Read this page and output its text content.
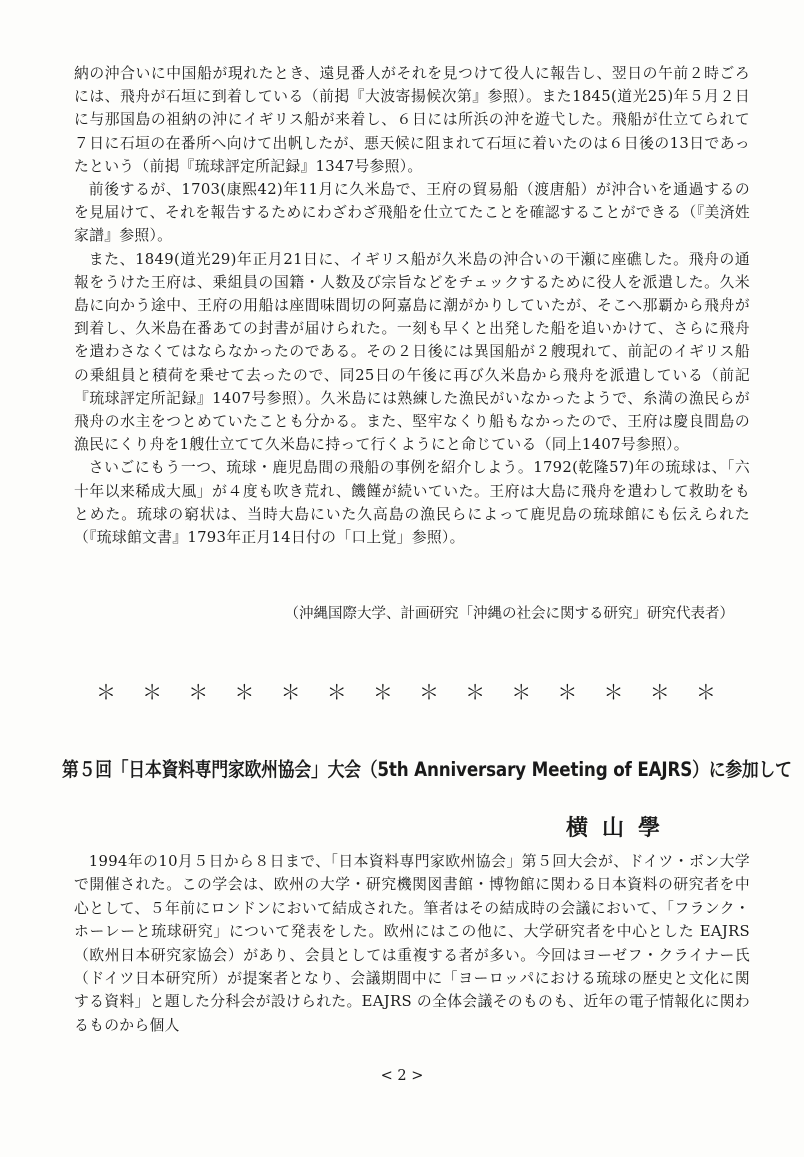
納の沖合いに中国船が現れたとき、遠見番人がそれを見つけて役人に報告し、翌日の午前２時ごろには、飛舟が石垣に到着している（前掲『大波寄揚候次第』参照）。また1845(道光25)年５月２日に与那国島の祖納の沖にイギリス船が来着し、６日には所浜の沖を遊弋した。飛船が仕立てられて７日に石垣の在番所へ向けて出帆したが、悪天候に阻まれて石垣に着いたのは６日後の13日であったという（前掲『琉球評定所記録』1347号参照）。

前後するが、1703(康熙42)年11月に久米島で、王府の貿易船（渡唐船）が沖合いを通過するのを見届けて、それを報告するためにわざわざ飛船を仕立てたことを確認することができる（『美済姓家譜』参照）。

また、1849(道光29)年正月21日に、イギリス船が久米島の沖合いの干瀬に座礁した。飛舟の通報をうけた王府は、乗組員の国籍・人数及び宗旨などをチェックするために役人を派遣した。久米島に向かう途中、王府の用船は座間味間切の阿嘉島に潮がかりしていたが、そこへ那覇から飛舟が到着し、久米島在番あての封書が届けられた。一刻も早くと出発した船を追いかけて、さらに飛舟を遣わさなくてはならなかったのである。その２日後には異国船が２艘現れて、前記のイギリス船の乗組員と積荷を乗せて去ったので、同25日の午後に再び久米島から飛舟を派遣している（前記『琉球評定所記録』1407号参照）。久米島には熟練した漁民がいなかったようで、糸満の漁民らが飛舟の水主をつとめていたことも分かる。また、堅牢なくり船もなかったので、王府は慶良間島の漁民にくり舟を1艘仕立てて久米島に持って行くようにと命じている（同上1407号参照）。

さいごにもう一つ、琉球・鹿児島間の飛船の事例を紹介しよう。1792(乾隆57)年の琉球は、「六十年以来稀成大風」が４度も吹き荒れ、饑饉が続いていた。王府は大島に飛舟を遣わして救助をもとめた。琉球の窮状は、当時大島にいた久高島の漁民らによって鹿児島の琉球館にも伝えられた（『琉球館文書』1793年正月14日付の「口上覚」参照）。

（沖縄国際大学、計画研究「沖縄の社会に関する研究」研究代表者）
＊ ＊ ＊ ＊ ＊ ＊ ＊ ＊ ＊ ＊ ＊ ＊ ＊ ＊
第５回「日本資料専門家欧州協会」大会（5th Anniversary Meeting of EAJRS）に参加して
横山學

1994年の10月５日から８日まで、「日本資料専門家欧州協会」第５回大会が、ドイツ・ボン大学で開催された。この学会は、欧州の大学・研究機関図書館・博物館に関わる日本資料の研究者を中心として、５年前にロンドンにおいて結成された。筆者はその結成時の会議において、「フランク・ホーレーと琉球研究」について発表をした。欧州にはこの他に、大学研究者を中心とした EAJRS（欧州日本研究家協会）があり、会員としては重複する者が多い。今回はヨーゼフ・クライナー氏（ドイツ日本研究所）が提案者となり、会議期間中に「ヨーロッパにおける琉球の歴史と文化に関する資料」と題した分科会が設けられた。EAJRS の全体会議そのものも、近年の電子情報化に関わるものから個人

< 2 >
